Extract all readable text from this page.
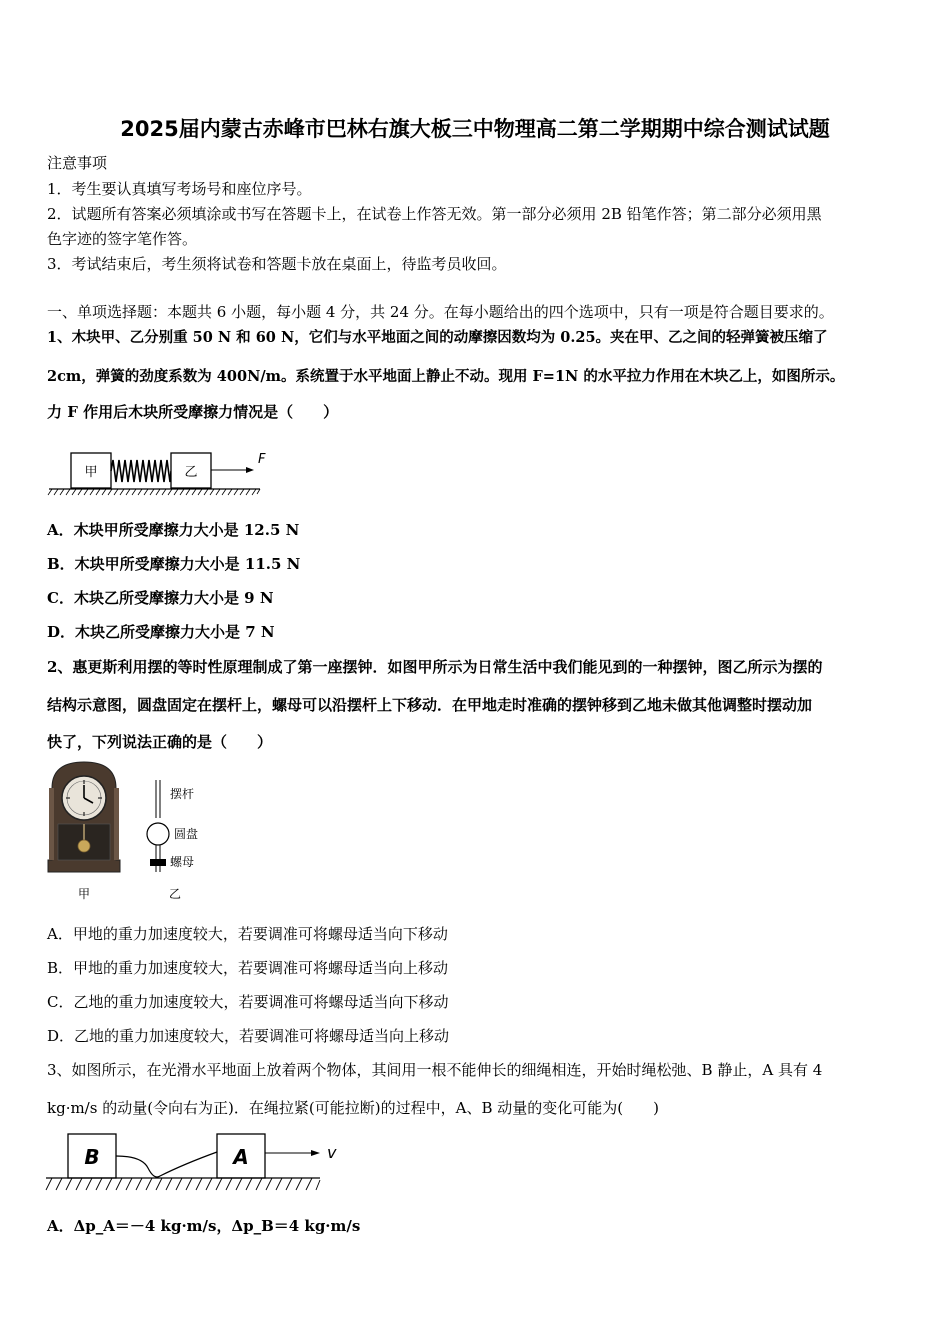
2025届内蒙古赤峰市巴林右旗大板三中物理高二第二学期期中综合测试试题
注意事项
1．考生要认真填写考场号和座位序号。
2．试题所有答案必须填涂或书写在答题卡上，在试卷上作答无效。第一部分必须用 2B 铅笔作答；第二部分必须用黑
色字迹的签字笔作答。
3．考试结束后，考生须将试卷和答题卡放在桌面上，待监考员收回。
一、单项选择题：本题共 6 小题，每小题 4 分，共 24 分。在每小题给出的四个选项中，只有一项是符合题目要求的。
1、木块甲、乙分别重 50 N 和 60 N，它们与水平地面之间的动摩擦因数均为 0.25。夹在甲、乙之间的轻弹簧被压缩了
2cm，弹簧的劲度系数为 400N/m。系统置于水平地面上静止不动。现用 F=1N 的水平拉力作用在木块乙上，如图所示。
力 F 作用后木块所受摩擦力情况是（　　）
甲	乙
F
A．木块甲所受摩擦力大小是 12.5 N
B．木块甲所受摩擦力大小是 11.5 N
C．木块乙所受摩擦力大小是 9 N
D．木块乙所受摩擦力大小是 7 N
2、惠更斯利用摆的等时性原理制成了第一座摆钟．如图甲所示为日常生活中我们能见到的一种摆钟，图乙所示为摆的
结构示意图，圆盘固定在摆杆上，螺母可以沿摆杆上下移动．在甲地走时准确的摆钟移到乙地未做其他调整时摆动加
快了，下列说法正确的是（　　）
甲
摆杆
圆盘
螺母
乙
A．甲地的重力加速度较大，若要调准可将螺母适当向下移动
B．甲地的重力加速度较大，若要调准可将螺母适当向上移动
C．乙地的重力加速度较大，若要调准可将螺母适当向下移动
D．乙地的重力加速度较大，若要调准可将螺母适当向上移动
3、如图所示，在光滑水平地面上放着两个物体，其间用一根不能伸长的细绳相连，开始时绳松弛、B 静止，A 具有 4
kg·m/s 的动量(令向右为正)．在绳拉紧(可能拉断)的过程中，A、B 动量的变化可能为(　　)
B	A	v
A．Δp_A＝－4 kg·m/s，Δp_B＝4 kg·m/s
